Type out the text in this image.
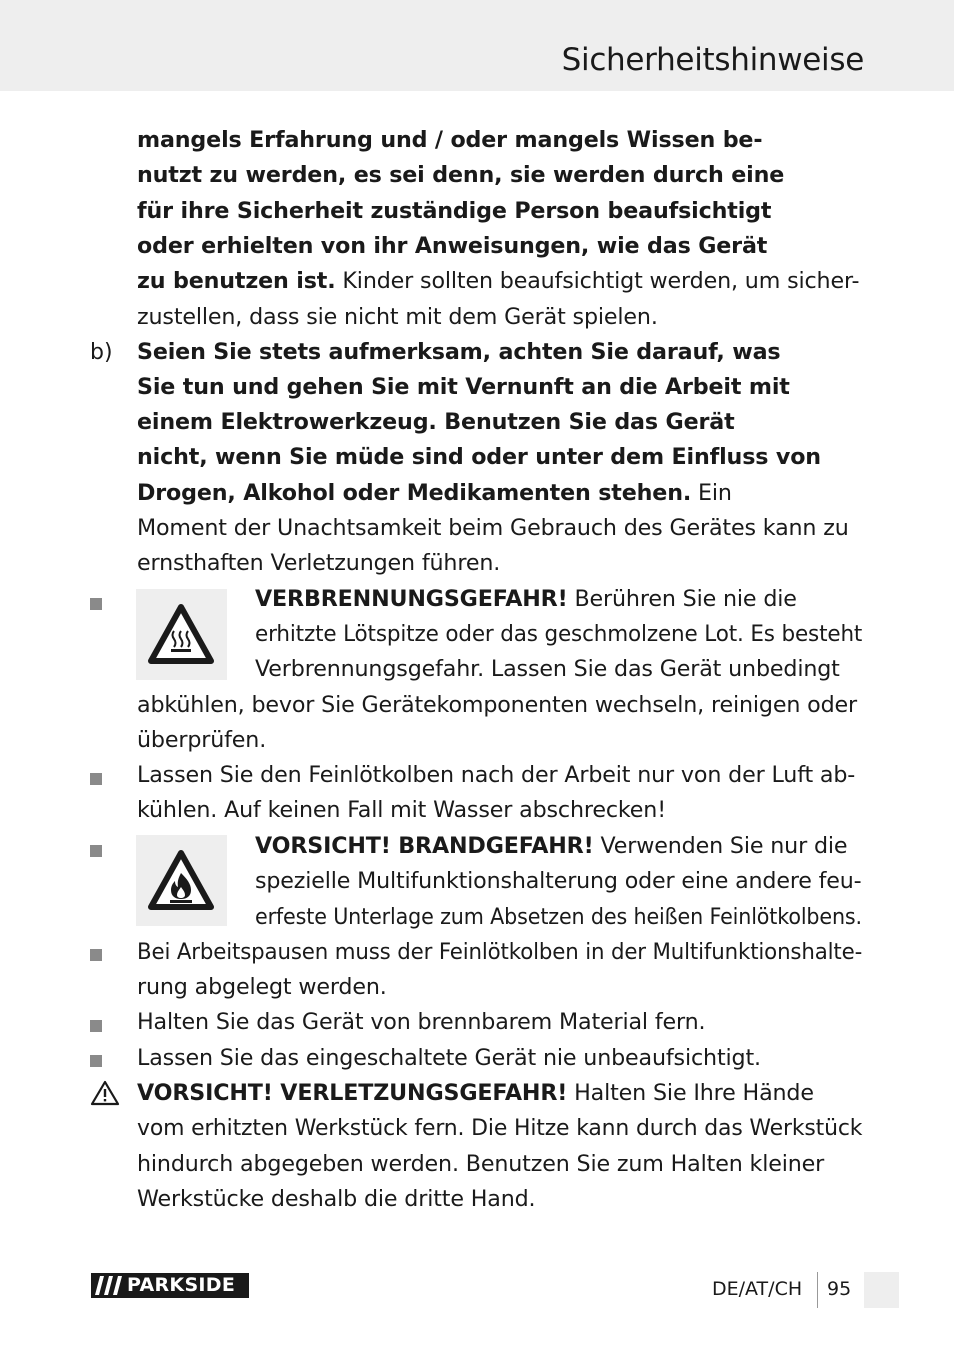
Sicherheitshinweise
mangels Erfahrung und / oder mangels Wissen be-
nutzt zu werden, es sei denn, sie werden durch eine
für ihre Sicherheit zuständige Person beaufsichtigt
oder erhielten von ihr Anweisungen, wie das Gerät
zu benutzen ist. Kinder sollten beaufsichtigt werden, um sicher-
zustellen, dass sie nicht mit dem Gerät spielen.
b) Seien Sie stets aufmerksam, achten Sie darauf, was
Sie tun und gehen Sie mit Vernunft an die Arbeit mit
einem Elektrowerkzeug. Benutzen Sie das Gerät
nicht, wenn Sie müde sind oder unter dem Einfluss von
Drogen, Alkohol oder Medikamenten stehen. Ein
Moment der Unachtsamkeit beim Gebrauch des Gerätes kann zu
ernsthaften Verletzungen führen.
VERBRENNUNGSGEFAHR! Berühren Sie nie die
erhitzte Lötspitze oder das geschmolzene Lot. Es besteht
Verbrennungsgefahr. Lassen Sie das Gerät unbedingt
abkühlen, bevor Sie Gerätekomponenten wechseln, reinigen oder
überprüfen.
Lassen Sie den Feinlötkolben nach der Arbeit nur von der Luft ab-
kühlen. Auf keinen Fall mit Wasser abschrecken!
VORSICHT! BRANDGEFAHR! Verwenden Sie nur die
spezielle Multifunktionshalterung oder eine andere feu-
erfeste Unterlage zum Absetzen des heißen Feinlötkolbens.
Bei Arbeitspausen muss der Feinlötkolben in der Multifunktionshalte-
rung abgelegt werden.
Halten Sie das Gerät von brennbarem Material fern.
Lassen Sie das eingeschaltete Gerät nie unbeaufsichtigt.
VORSICHT! VERLETZUNGSGEFAHR! Halten Sie Ihre Hände
vom erhitzten Werkstück fern. Die Hitze kann durch das Werkstück
hindurch abgegeben werden. Benutzen Sie zum Halten kleiner
Werkstücke deshalb die dritte Hand.
PARKSIDE	DE/AT/CH 95
